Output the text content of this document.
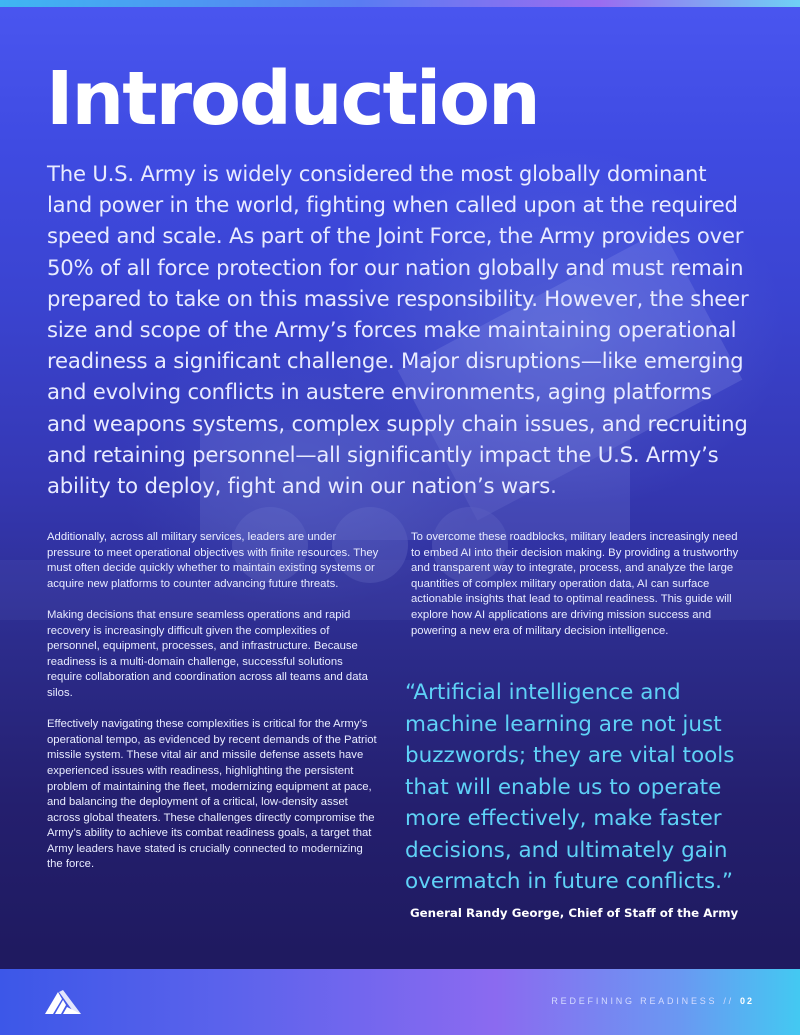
Introduction

The U.S. Army is widely considered the most globally dominant land power in the world, fighting when called upon at the required speed and scale. As part of the Joint Force, the Army provides over 50% of all force protection for our nation globally and must remain prepared to take on this massive responsibility. However, the sheer size and scope of the Army’s forces make maintaining operational readiness a significant challenge. Major disruptions—like emerging and evolving conflicts in austere environments, aging platforms and weapons systems, complex supply chain issues, and recruiting and retaining personnel—all significantly impact the U.S. Army’s ability to deploy, fight and win our nation’s wars.

Additionally, across all military services, leaders are under pressure to meet operational objectives with finite resources. They must often decide quickly whether to maintain existing systems or acquire new platforms to counter advancing future threats.

Making decisions that ensure seamless operations and rapid recovery is increasingly difficult given the complexities of personnel, equipment, processes, and infrastructure. Because readiness is a multi-domain challenge, successful solutions require collaboration and coordination across all teams and data silos.

Effectively navigating these complexities is critical for the Army’s operational tempo, as evidenced by recent demands of the Patriot missile system. These vital air and missile defense assets have experienced issues with readiness, highlighting the persistent problem of maintaining the fleet, modernizing equipment at pace, and balancing the deployment of a critical, low-density asset across global theaters. These challenges directly compromise the Army’s ability to achieve its combat readiness goals, a target that Army leaders have stated is crucially connected to modernizing the force.

To overcome these roadblocks, military leaders increasingly need to embed AI into their decision making. By providing a trustworthy and transparent way to integrate, process, and analyze the large quantities of complex military operation data, AI can surface actionable insights that lead to optimal readiness. This guide will explore how AI applications are driving mission success and powering a new era of military decision intelligence.

“Artificial intelligence and machine learning are not just buzzwords; they are vital tools that will enable us to operate more effectively, make faster decisions, and ultimately gain overmatch in future conflicts.”
General Randy George, Chief of Staff of the Army
REDEFINING READINESS // 02
